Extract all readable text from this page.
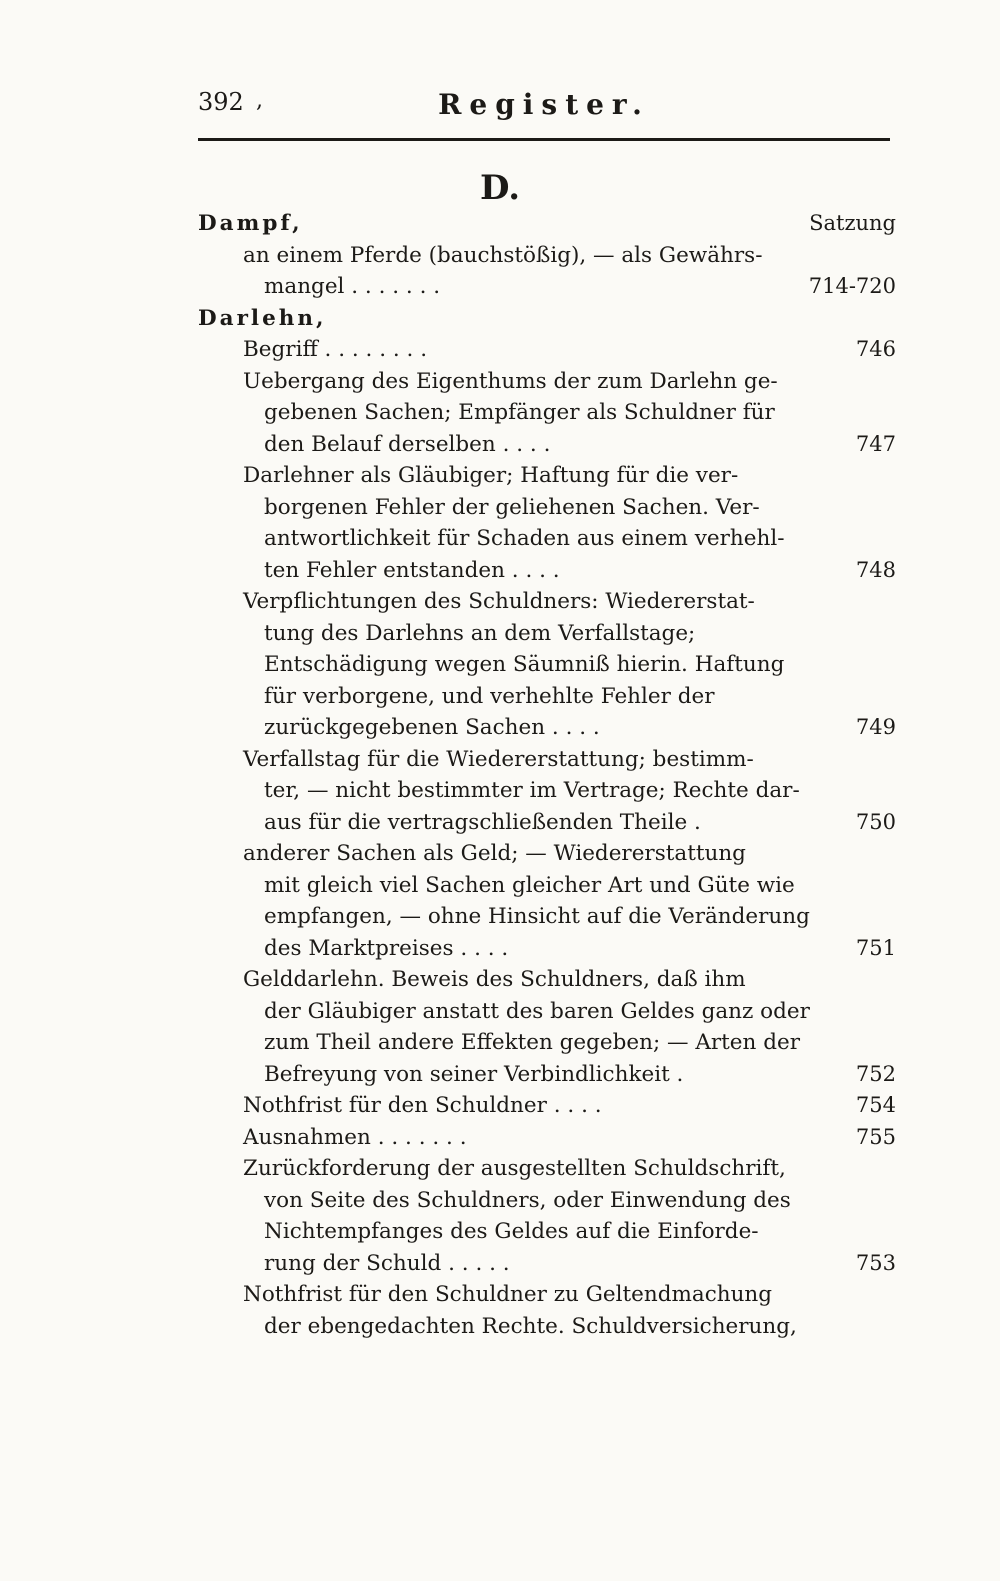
392 ,	Register.
D.
Dampf,	Satzung
an einem Pferde (bauchstößig), — als Gewährs-
mangel . . . . . . .	714-720
Darlehn,
Begriff . . . . . . . .	746
Uebergang des Eigenthums der zum Darlehn ge-
gebenen Sachen; Empfänger als Schuldner für
den Belauf derselben . . . .	747
Darlehner als Gläubiger; Haftung für die ver-
borgenen Fehler der geliehenen Sachen. Ver-
antwortlichkeit für Schaden aus einem verhehl-
ten Fehler entstanden . . . .	748
Verpflichtungen des Schuldners: Wiedererstat-
tung des Darlehns an dem Verfallstage;
Entschädigung wegen Säumniß hierin. Haftung
für verborgene, und verhehlte Fehler der
zurückgegebenen Sachen . . . .	749
Verfallstag für die Wiedererstattung; bestimm-
ter, — nicht bestimmter im Vertrage; Rechte dar-
aus für die vertragschließenden Theile .	750
anderer Sachen als Geld; — Wiedererstattung
mit gleich viel Sachen gleicher Art und Güte wie
empfangen, — ohne Hinsicht auf die Veränderung
des Marktpreises . . . .	751
Gelddarlehn. Beweis des Schuldners, daß ihm
der Gläubiger anstatt des baren Geldes ganz oder
zum Theil andere Effekten gegeben; — Arten der
Befreyung von seiner Verbindlichkeit .	752
Nothfrist für den Schuldner . . . .	754
Ausnahmen . . . . . . .	755
Zurückforderung der ausgestellten Schuldschrift,
von Seite des Schuldners, oder Einwendung des
Nichtempfanges des Geldes auf die Einforde-
rung der Schuld . . . . .	753
Nothfrist für den Schuldner zu Geltendmachung
der ebengedachten Rechte. Schuldversicherung,
